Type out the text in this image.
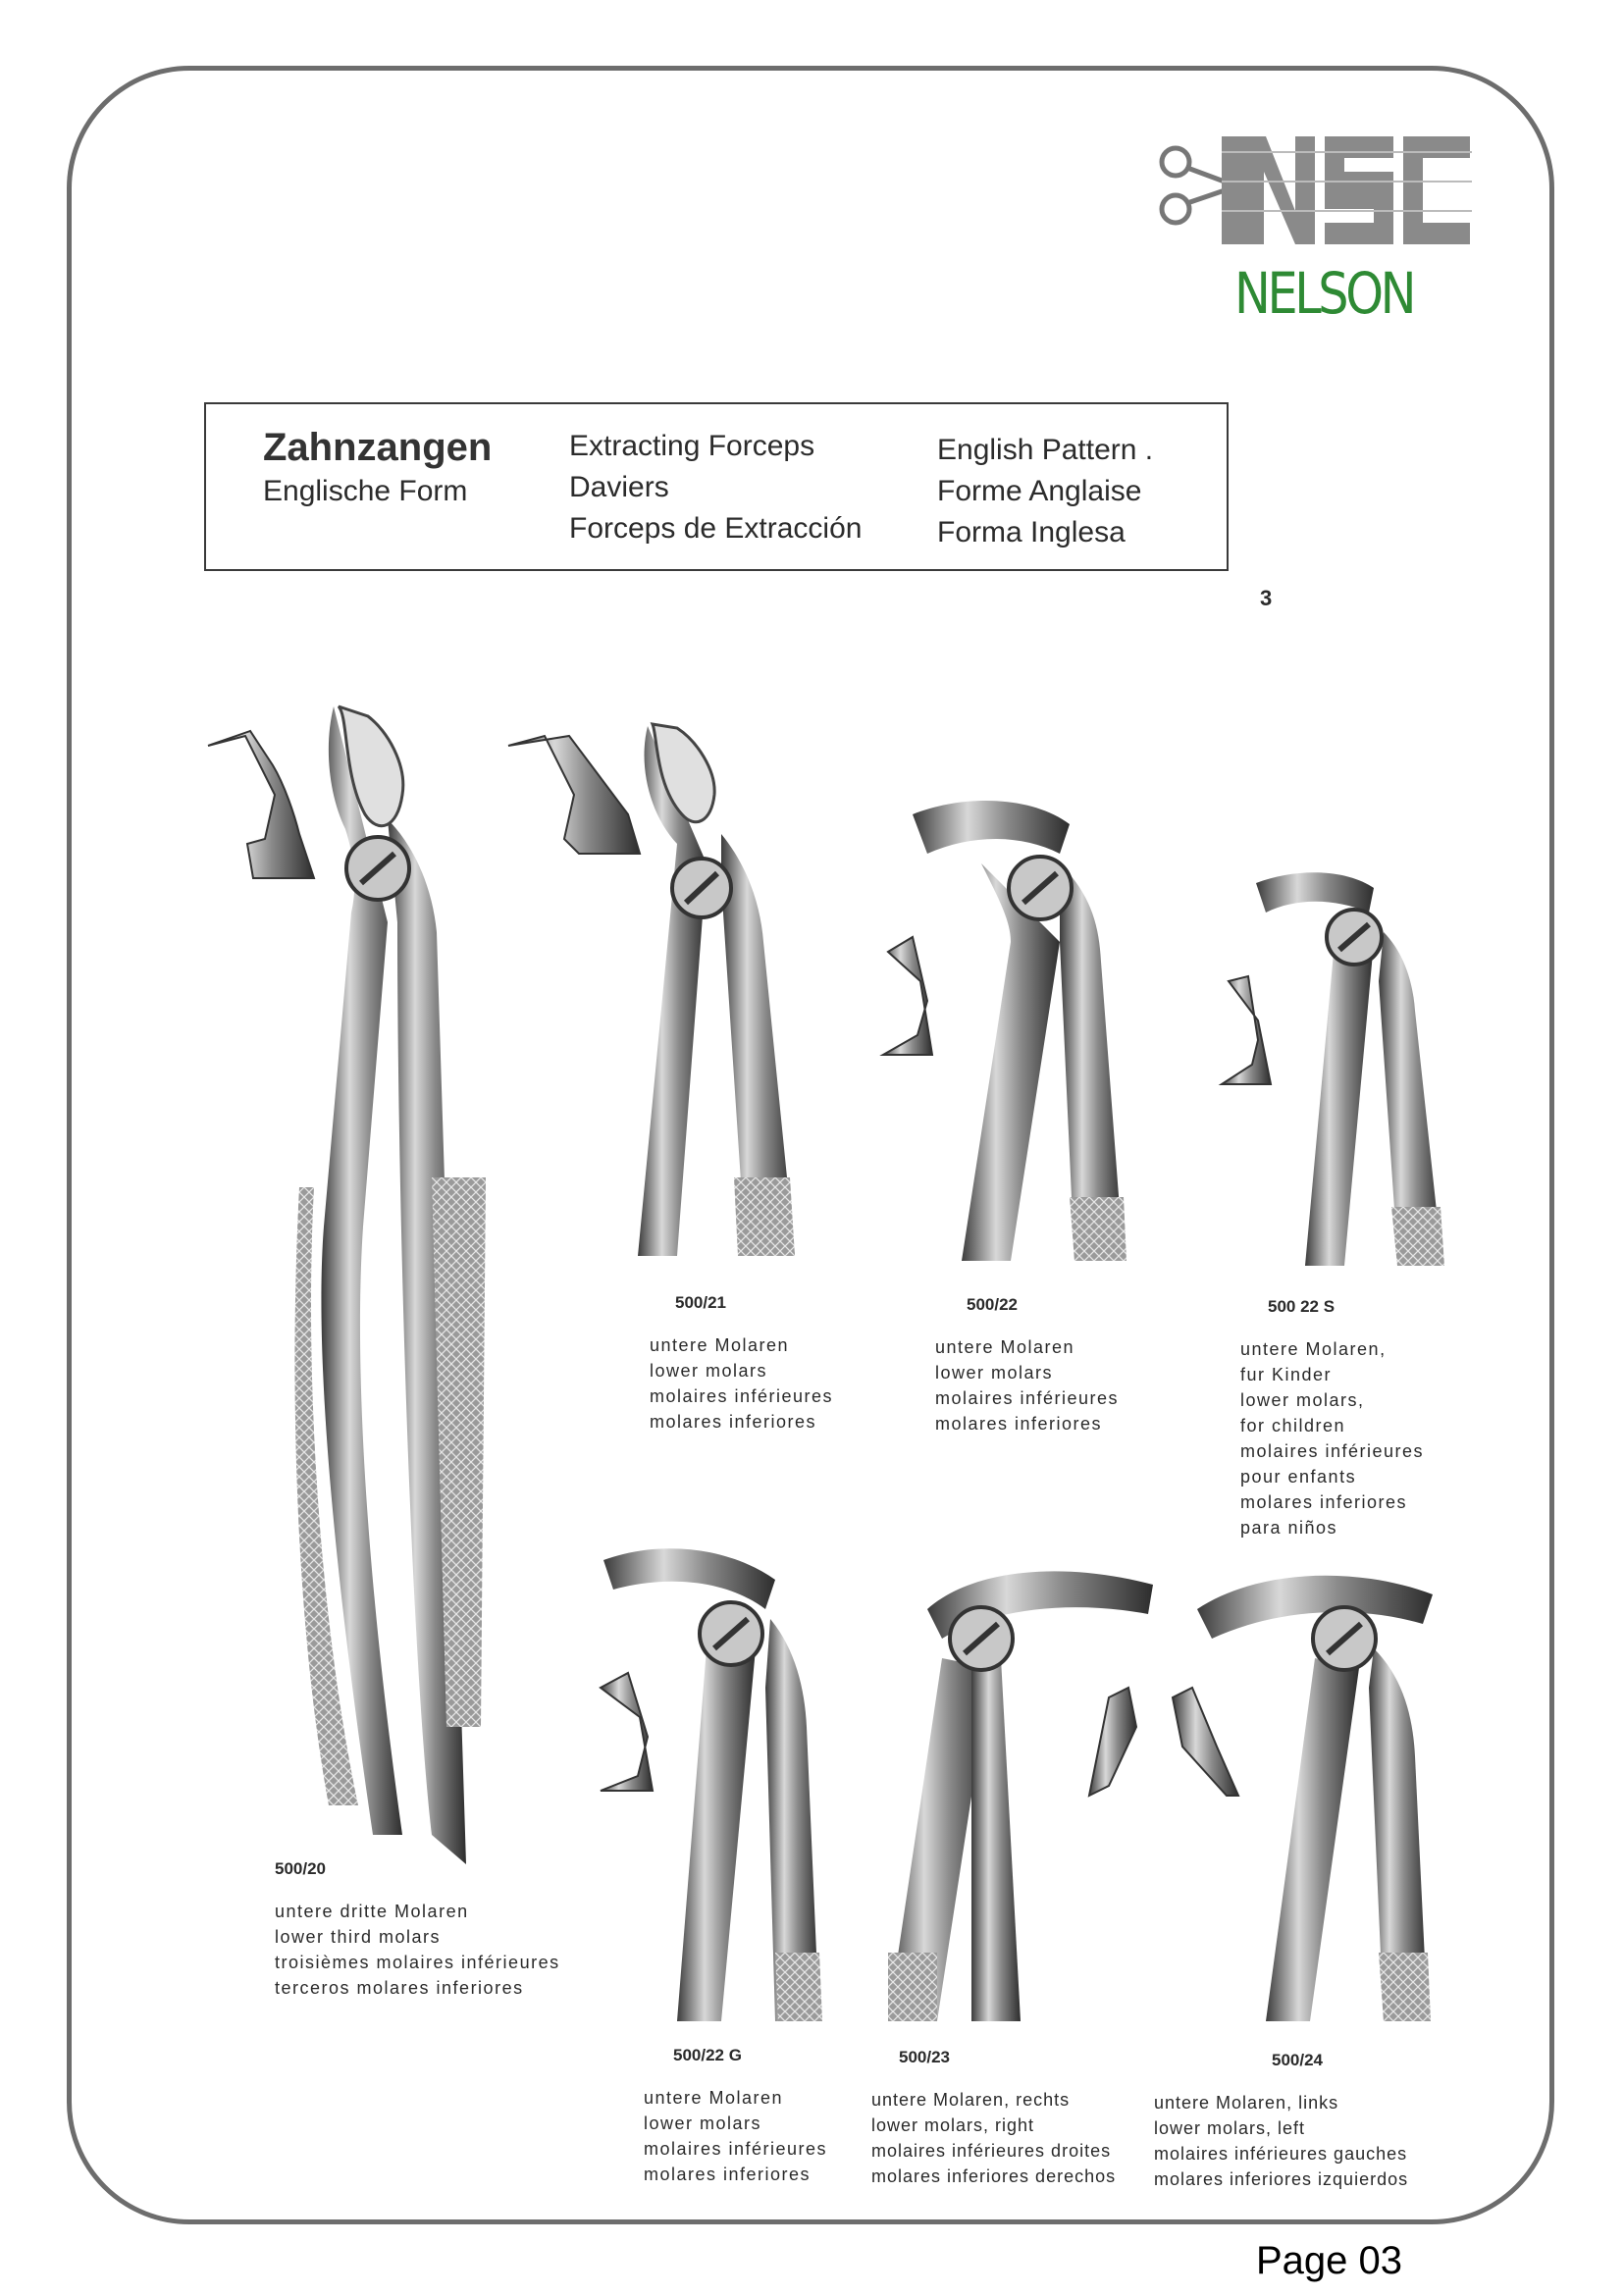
NELSON
Zahnzangen
Englische Form
Extracting Forceps
Daviers
Forceps de Extracción
English Pattern .
Forme Anglaise
Forma Inglesa
3
500/20
untere dritte Molaren
lower third molars
troisièmes molaires inférieures
terceros molares inferiores
500/21
untere Molaren
lower molars
molaires inférieures
molares inferiores
500/22
untere Molaren
lower molars
molaires inférieures
molares inferiores
500 22 S
untere Molaren,
fur Kinder
lower molars,
for children
molaires inférieures
pour enfants
molares inferiores
para niños
500/22 G
untere Molaren
lower molars
molaires inférieures
molares inferiores
500/23
untere Molaren, rechts
lower molars, right
molaires inférieures droites
molares inferiores derechos
500/24
untere Molaren, links
lower molars, left
molaires inférieures gauches
molares inferiores izquierdos
Page 03
